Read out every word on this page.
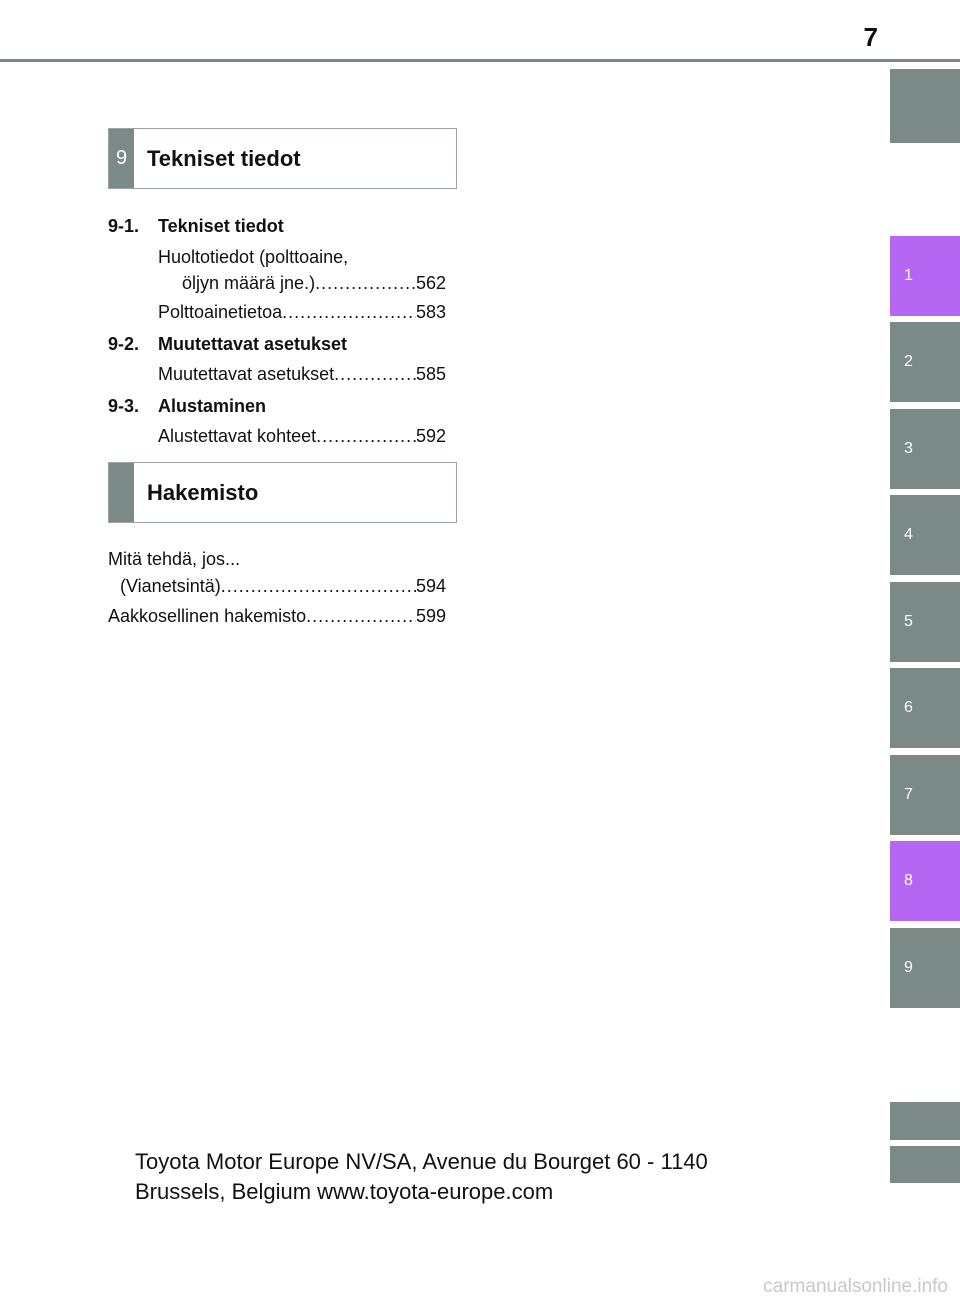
7
9 Tekniset tiedot
9-1. Tekniset tiedot
Huoltotiedot (polttoaine,
öljyn määrä jne.) .....	562
Polttoainetietoa .....	583
9-2. Muutettavat asetukset
Muutettavat asetukset .....	585
9-3. Alustaminen
Alustettavat kohteet .....	592
Hakemisto
Mitä tehdä, jos...
(Vianetsintä) .....	594
Aakkosellinen hakemisto .....	599
1
2
3
4
5
6
7
8
9
Toyota Motor Europe NV/SA, Avenue du Bourget 60 - 1140
Brussels, Belgium www.toyota-europe.com
carmanualsonline.info
